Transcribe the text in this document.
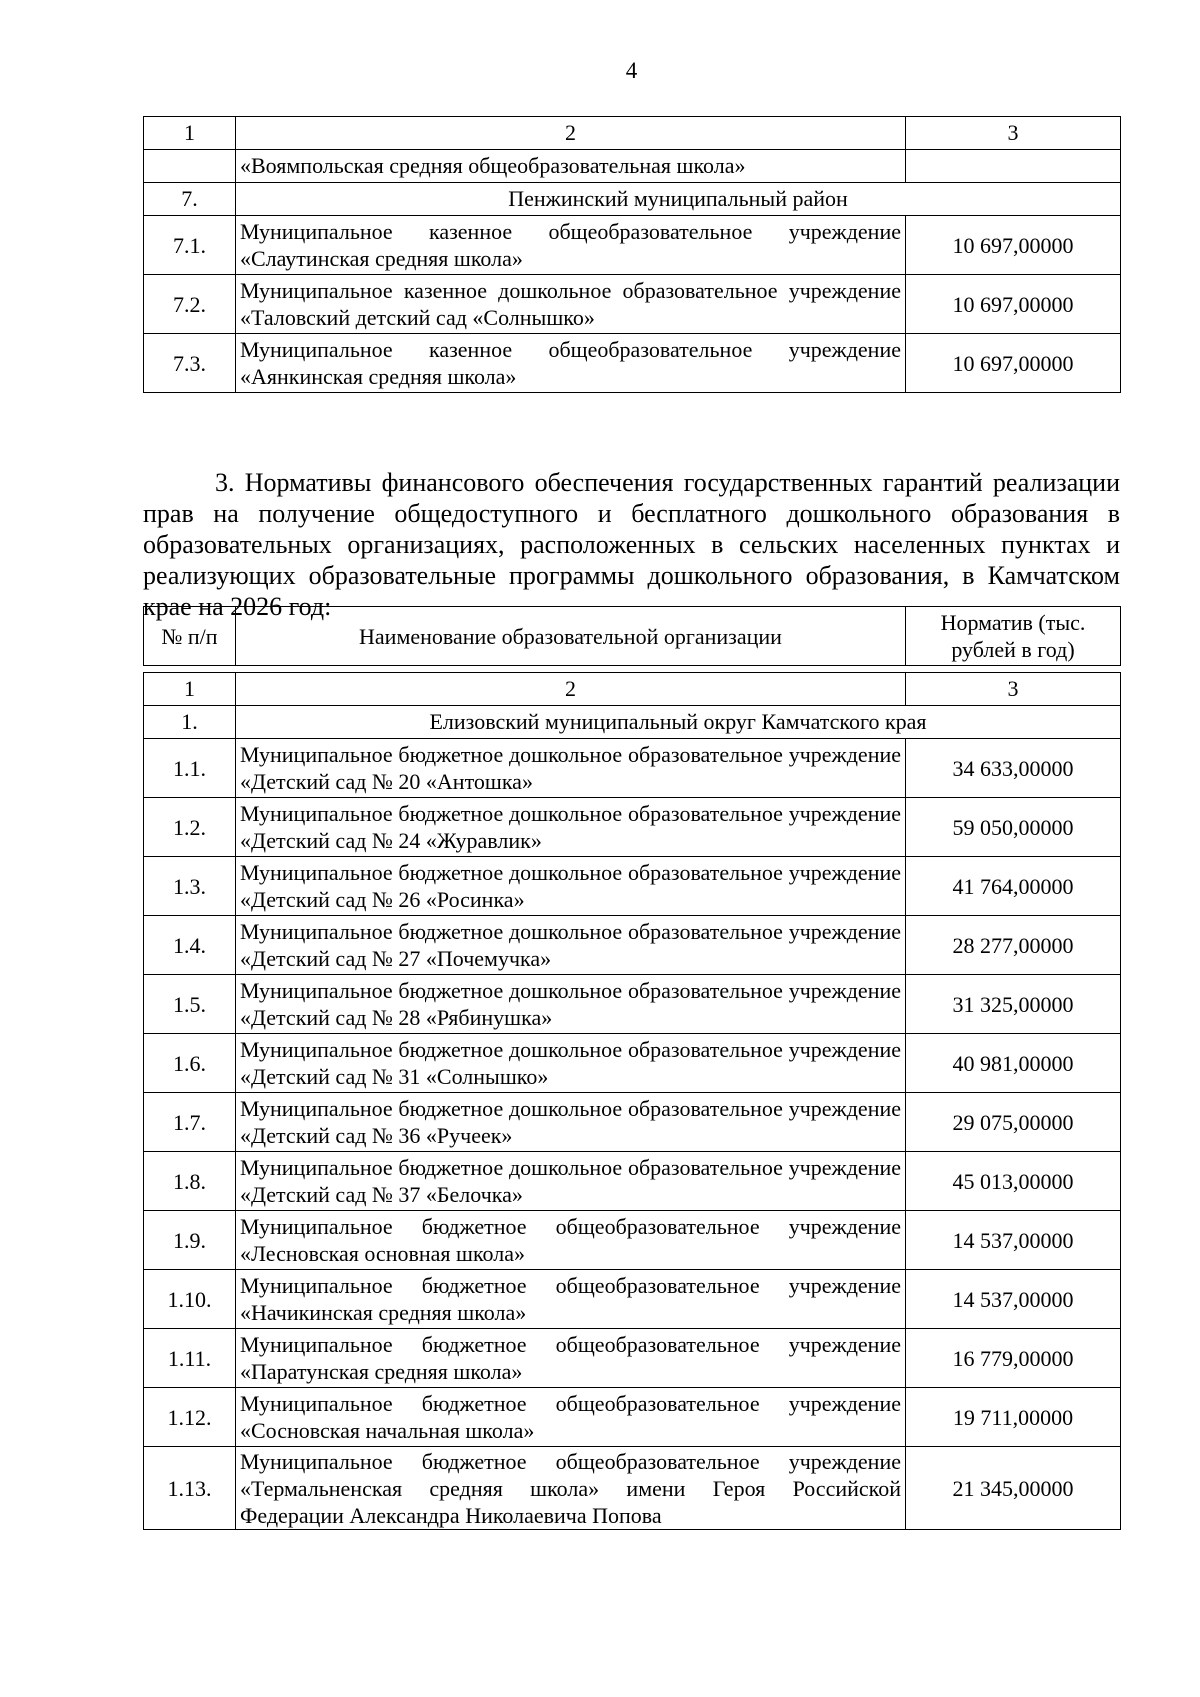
4
1	2	3
	«Воямпольская средняя общеобразовательная школа»	
7.	Пенжинский муниципальный район	
7.1.	Муниципальное казенное общеобразовательное учреждение «Слаутинская средняя школа»	10 697,00000
7.2.	Муниципальное казенное дошкольное образовательное учреждение «Таловский детский сад «Солнышко»	10 697,00000
7.3.	Муниципальное казенное общеобразовательное учреждение «Аянкинская средняя школа»	10 697,00000

3. Нормативы финансового обеспечения государственных гарантий реализации прав на получение общедоступного и бесплатного дошкольного образования в образовательных организациях, расположенных в сельских населенных пунктах и реализующих образовательные программы дошкольного образования, в Камчатском крае на 2026 год:

№ п/п	Наименование образовательной организации	Норматив (тыс. рублей в год)
1	2	3
1.	Елизовский муниципальный округ Камчатского края	
1.1.	Муниципальное бюджетное дошкольное образовательное учреждение «Детский сад № 20 «Антошка»	34 633,00000
1.2.	Муниципальное бюджетное дошкольное образовательное учреждение «Детский сад № 24 «Журавлик»	59 050,00000
1.3.	Муниципальное бюджетное дошкольное образовательное учреждение «Детский сад № 26 «Росинка»	41 764,00000
1.4.	Муниципальное бюджетное дошкольное образовательное учреждение «Детский сад № 27 «Почемучка»	28 277,00000
1.5.	Муниципальное бюджетное дошкольное образовательное учреждение «Детский сад № 28 «Рябинушка»	31 325,00000
1.6.	Муниципальное бюджетное дошкольное образовательное учреждение «Детский сад № 31 «Солнышко»	40 981,00000
1.7.	Муниципальное бюджетное дошкольное образовательное учреждение «Детский сад № 36 «Ручеек»	29 075,00000
1.8.	Муниципальное бюджетное дошкольное образовательное учреждение «Детский сад № 37 «Белочка»	45 013,00000
1.9.	Муниципальное бюджетное общеобразовательное учреждение «Лесновская основная школа»	14 537,00000
1.10.	Муниципальное бюджетное общеобразовательное учреждение «Начикинская средняя школа»	14 537,00000
1.11.	Муниципальное бюджетное общеобразовательное учреждение «Паратунская средняя школа»	16 779,00000
1.12.	Муниципальное бюджетное общеобразовательное учреждение «Сосновская начальная школа»	19 711,00000
1.13.	Муниципальное бюджетное общеобразовательное учреждение «Термальненская средняя школа» имени Героя Российской Федерации Александра Николаевича Попова	21 345,00000
